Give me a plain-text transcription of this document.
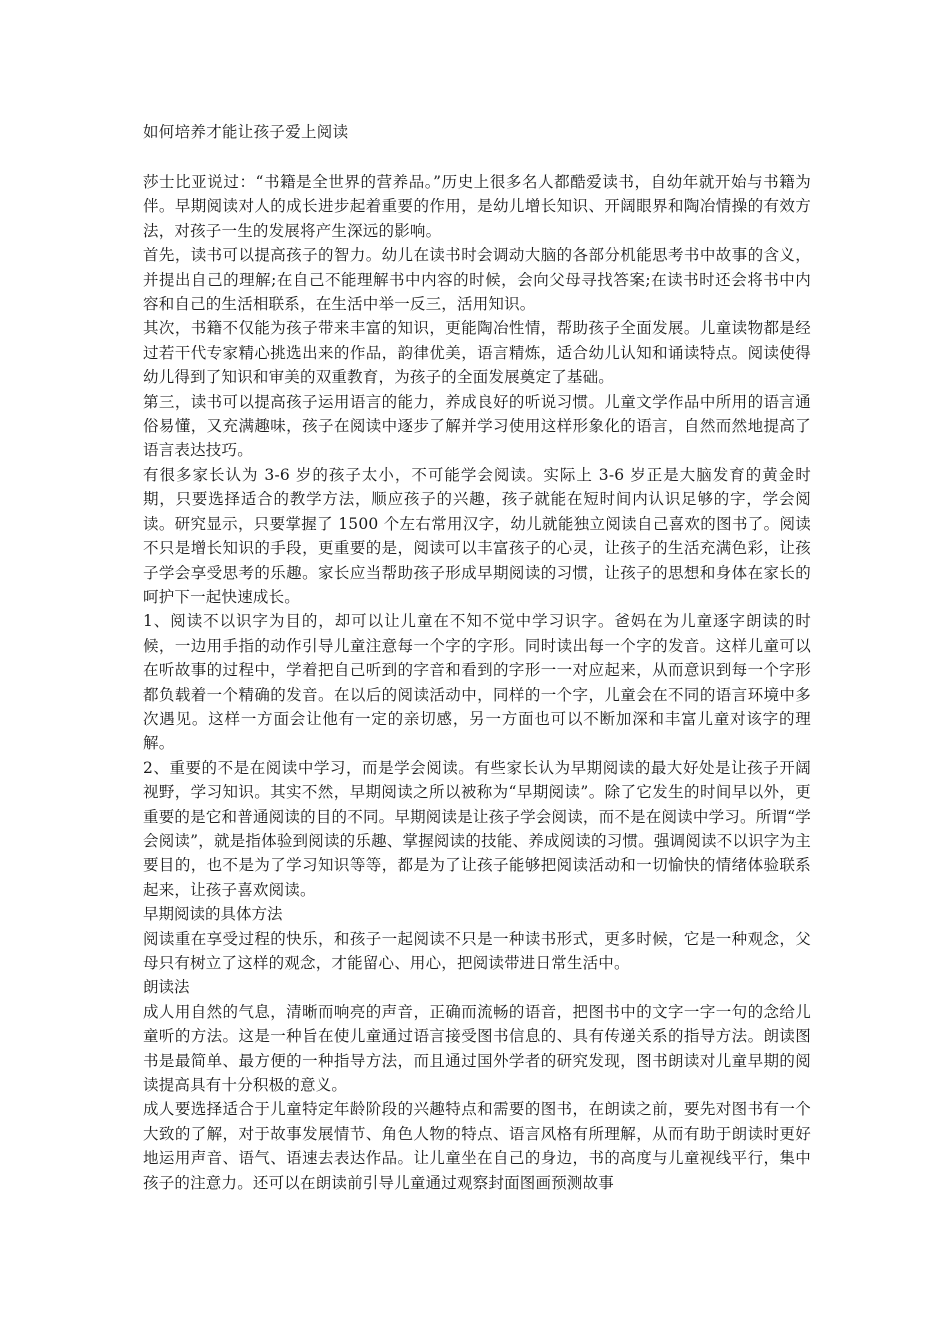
如何培养才能让孩子爱上阅读

莎士比亚说过：“书籍是全世界的营养品。”历史上很多名人都酷爱读书，自幼年就开始与书籍为伴。早期阅读对人的成长进步起着重要的作用，是幼儿增长知识、开阔眼界和陶冶情操的有效方法，对孩子一生的发展将产生深远的影响。

首先，读书可以提高孩子的智力。幼儿在读书时会调动大脑的各部分机能思考书中故事的含义，并提出自己的理解;在自己不能理解书中内容的时候，会向父母寻找答案;在读书时还会将书中内容和自己的生活相联系，在生活中举一反三，活用知识。

其次，书籍不仅能为孩子带来丰富的知识，更能陶冶性情，帮助孩子全面发展。儿童读物都是经过若干代专家精心挑选出来的作品，韵律优美，语言精炼，适合幼儿认知和诵读特点。阅读使得幼儿得到了知识和审美的双重教育，为孩子的全面发展奠定了基础。

第三，读书可以提高孩子运用语言的能力，养成良好的听说习惯。儿童文学作品中所用的语言通俗易懂，又充满趣味，孩子在阅读中逐步了解并学习使用这样形象化的语言，自然而然地提高了语言表达技巧。

有很多家长认为 3-6 岁的孩子太小，不可能学会阅读。实际上 3-6 岁正是大脑发育的黄金时期，只要选择适合的教学方法，顺应孩子的兴趣，孩子就能在短时间内认识足够的字，学会阅读。研究显示，只要掌握了 1500 个左右常用汉字，幼儿就能独立阅读自己喜欢的图书了。阅读不只是增长知识的手段，更重要的是，阅读可以丰富孩子的心灵，让孩子的生活充满色彩，让孩子学会享受思考的乐趣。家长应当帮助孩子形成早期阅读的习惯，让孩子的思想和身体在家长的呵护下一起快速成长。

1、阅读不以识字为目的，却可以让儿童在不知不觉中学习识字。爸妈在为儿童逐字朗读的时候，一边用手指的动作引导儿童注意每一个字的字形。同时读出每一个字的发音。这样儿童可以在听故事的过程中，学着把自己听到的字音和看到的字形一一对应起来，从而意识到每一个字形都负载着一个精确的发音。在以后的阅读活动中，同样的一个字，儿童会在不同的语言环境中多次遇见。这样一方面会让他有一定的亲切感，另一方面也可以不断加深和丰富儿童对该字的理解。

2、重要的不是在阅读中学习，而是学会阅读。有些家长认为早期阅读的最大好处是让孩子开阔视野，学习知识。其实不然，早期阅读之所以被称为“早期阅读”。除了它发生的时间早以外，更重要的是它和普通阅读的目的不同。早期阅读是让孩子学会阅读，而不是在阅读中学习。所谓“学会阅读”，就是指体验到阅读的乐趣、掌握阅读的技能、养成阅读的习惯。强调阅读不以识字为主要目的，也不是为了学习知识等等，都是为了让孩子能够把阅读活动和一切愉快的情绪体验联系起来，让孩子喜欢阅读。

早期阅读的具体方法

阅读重在享受过程的快乐，和孩子一起阅读不只是一种读书形式，更多时候，它是一种观念，父母只有树立了这样的观念，才能留心、用心，把阅读带进日常生活中。

朗读法

成人用自然的气息，清晰而响亮的声音，正确而流畅的语音，把图书中的文字一字一句的念给儿童听的方法。这是一种旨在使儿童通过语言接受图书信息的、具有传递关系的指导方法。朗读图书是最简单、最方便的一种指导方法，而且通过国外学者的研究发现，图书朗读对儿童早期的阅读提高具有十分积极的意义。

成人要选择适合于儿童特定年龄阶段的兴趣特点和需要的图书，在朗读之前，要先对图书有一个大致的了解，对于故事发展情节、角色人物的特点、语言风格有所理解，从而有助于朗读时更好地运用声音、语气、语速去表达作品。让儿童坐在自己的身边，书的高度与儿童视线平行，集中孩子的注意力。还可以在朗读前引导儿童通过观察封面图画预测故事
